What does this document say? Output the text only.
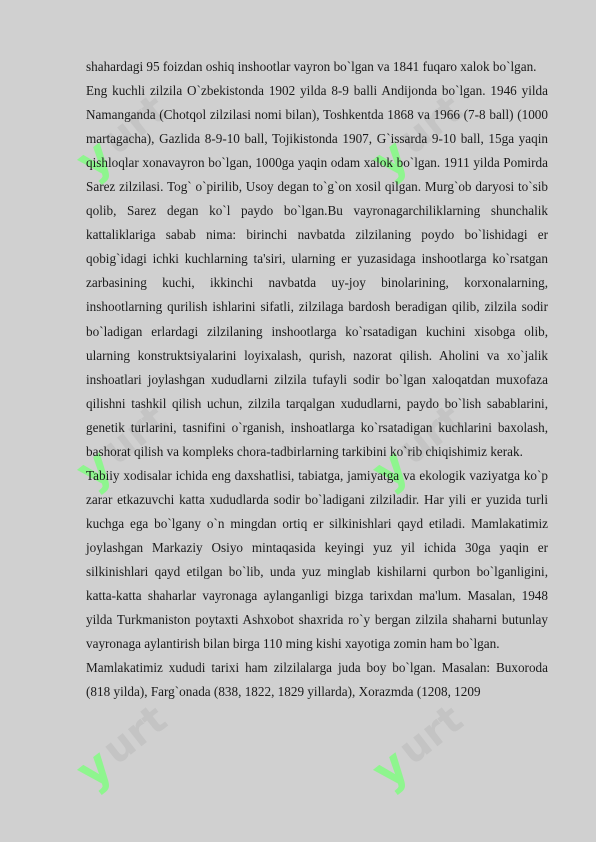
y
urt
y
urt
y
urt
y
urt
y
urt
y
urt

shahardagi 95 foizdan oshiq inshootlar vayron bo`lgan va 1841 fuqaro xalok bo`lgan.

Eng kuchli zilzila O`zbekistonda 1902 yilda 8-9 balli Andijonda bo`lgan. 1946 yilda Namanganda (Chotqol zilzilasi nomi bilan), Toshkentda 1868 va 1966 (7-8 ball) (1000 martagacha), Gazlida 8-9-10 ball, Tojikistonda 1907, G`issarda 9-10 ball, 15ga yaqin qishloqlar xonavayron bo`lgan, 1000ga yaqin odam xalok bo`lgan. 1911 yilda Pomirda Sarez zilzilasi. Tog` o`pirilib, Usoy degan to`g`on xosil qilgan. Murg`ob daryosi to`sib qolib, Sarez degan ko`l paydo bo`lgan.Bu vayronagarchiliklarning shunchalik kattaliklariga sabab nima: birinchi navbatda zilzilaning poydo bo`lishidagi er qobig`idagi ichki kuchlarning ta'siri, ularning er yuzasidagа inshootlarga ko`rsatgan zarbasining kuchi, ikkinchi navbatda uy-joy binolarining, korxonalarning, inshootlarning qurilish ishlarini sifatli, zilzilaga bardosh beradigan qilib, zilzila sodir bo`ladigan erlardagi zilzilaning inshootlarga ko`rsatadigan kuchini xisobga olib, ularning konstruktsiyalarini loyixalash, qurish, nazorat qilish. Aholini va xo`jalik inshoatlari joylashgan xududlarni zilzila tufayli sodir bo`lgan xaloqatdan muxofaza qilishni tashkil qilish uchun, zilzila tarqalgan xududlarni, paydo bo`lish sabablarini, genetik turlarini, tasnifini o`rganish, inshoatlarga ko`rsatadigan kuchlarini baxolash, bashorat qilish va kompleks chora-tadbirlarning tarkibini ko`rib chiqishimiz kerak.

Tabiiy xodisalar ichida eng daxshatlisi, tabiatga, jamiyatga va ekologik vaziyatga ko`p zarar etkazuvchi katta xududlarda sodir bo`ladigani zilziladir. Har yili er yuzida turli kuchga ega bo`lgany o`n mingdan ortiq er silkinishlari qayd etiladi. Mamlakatimiz joylashgan Markaziy Osiyo mintaqasida keyingi yuz yil ichida 30ga yaqin er silkinishlari qayd etilgan bo`lib, unda yuz minglab kishilarni qurbon bo`lganligini, katta-katta shaharlar vayronaga aylanganligi bizga tarixdan ma'lum. Masalan, 1948 yilda Turkmaniston poytaxti Ashxobot shaxrida ro`y bergan zilzila shaharni butunlay vayronaga aylantirish bilan birga 110 ming kishi xayotiga zomin ham bo`lgan.

Mamlakatimiz xududi tarixi ham zilzilalarga juda boy bo`lgan. Masalan: Buxoroda (818 yilda), Farg`onada (838, 1822, 1829 yillarda), Xorazmda (1208, 1209
